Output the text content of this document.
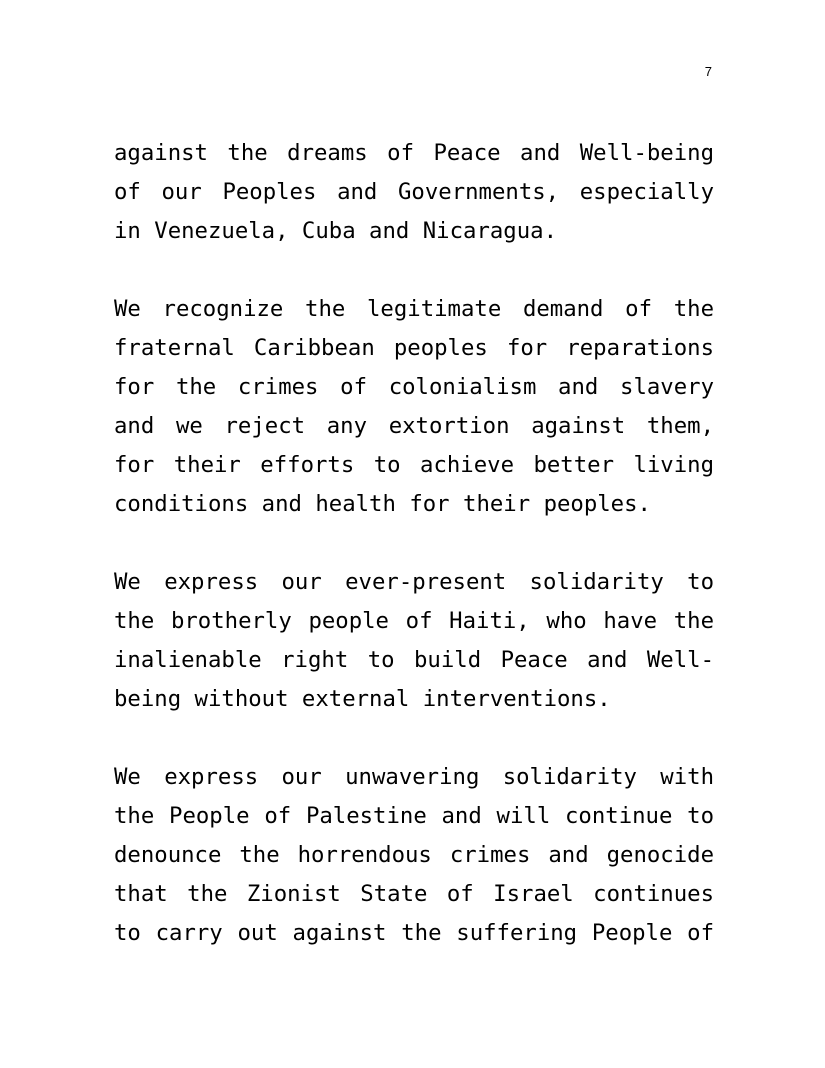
7

against the dreams of Peace and Well-being of our Peoples and Governments, especially in Venezuela, Cuba and Nicaragua.

We recognize the legitimate demand of the fraternal Caribbean peoples for reparations for the crimes of colonialism and slavery and we reject any extortion against them, for their efforts to achieve better living conditions and health for their peoples.

We express our ever-present solidarity to the brotherly people of Haiti, who have the inalienable right to build Peace and Well-being without external interventions.

We express our unwavering solidarity with the People of Palestine and will continue to denounce the horrendous crimes and genocide that the Zionist State of Israel continues to carry out against the suffering People of
